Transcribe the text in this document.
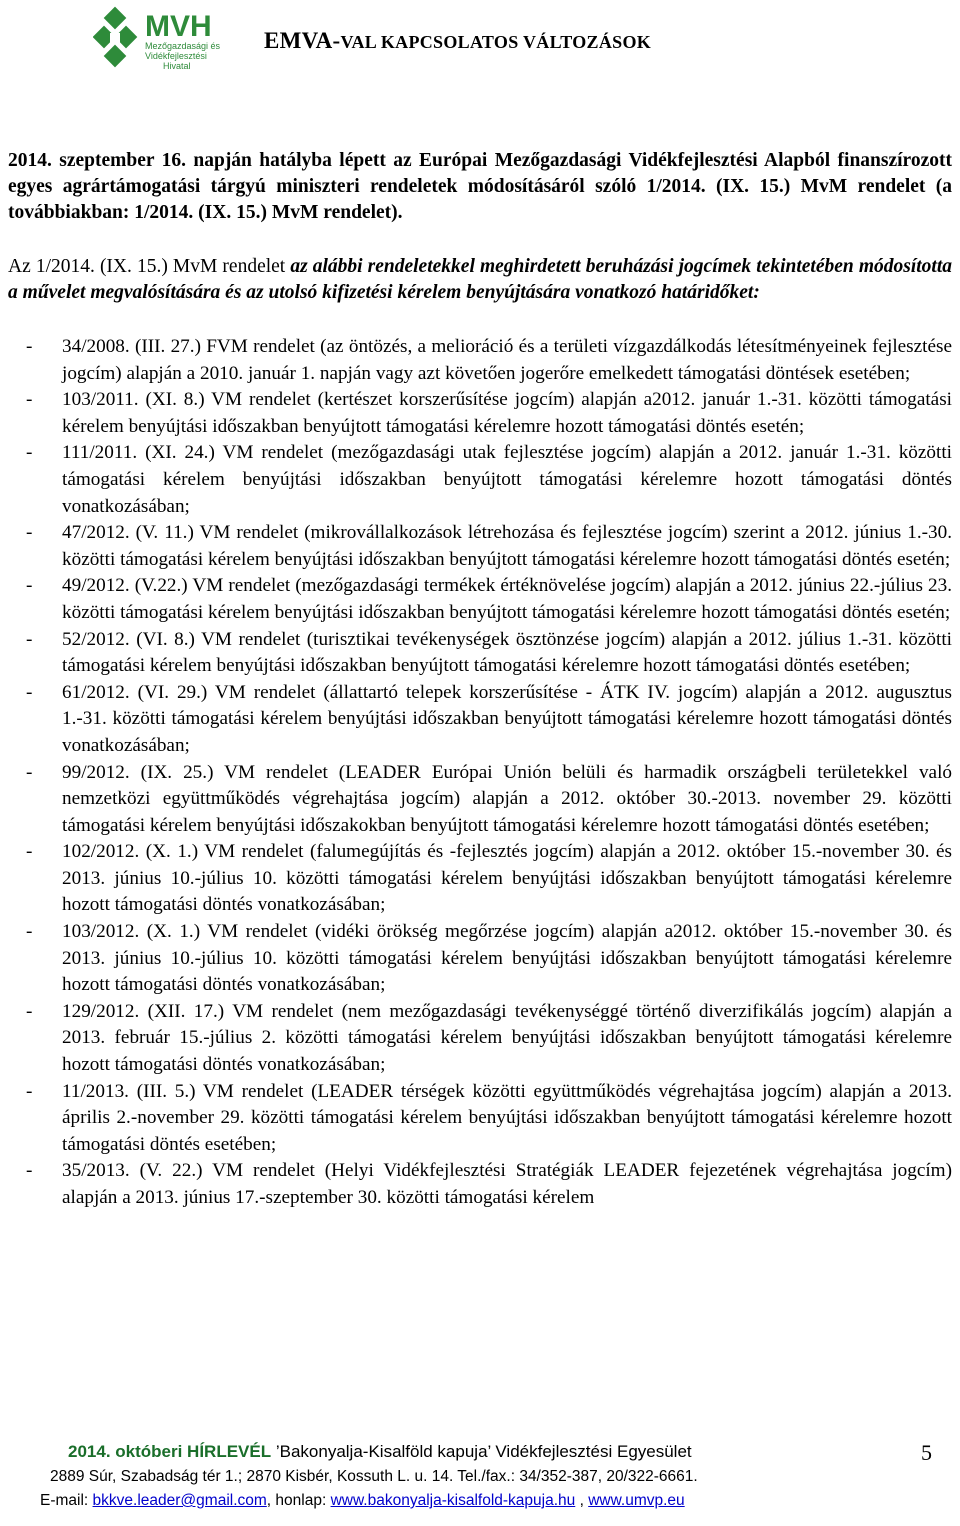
MVH
Mezőgazdasági és
Vidékfejlesztési
Hivatal
EMVA-VAL KAPCSOLATOS VÁLTOZÁSOK
2014. szeptember 16. napján hatályba lépett az Európai Mezőgazdasági Vidékfejlesztési Alapból finanszírozott egyes agrártámogatási tárgyú miniszteri rendeletek módosításáról szóló 1/2014. (IX. 15.) MvM rendelet (a továbbiakban: 1/2014. (IX. 15.) MvM rendelet).
Az 1/2014. (IX. 15.) MvM rendelet az alábbi rendeletekkel meghirdetett beruházási jogcímek tekintetében módosította a művelet megvalósítására és az utolsó kifizetési kérelem benyújtására vonatkozó határidőket:
- 34/2008. (III. 27.) FVM rendelet (az öntözés, a melioráció és a területi vízgazdálkodás létesítményeinek fejlesztése jogcím) alapján a 2010. január 1. napján vagy azt követően jogerőre emelkedett támogatási döntések esetében;
- 103/2011. (XI. 8.) VM rendelet (kertészet korszerűsítése jogcím) alapján a2012. január 1.-31. közötti támogatási kérelem benyújtási időszakban benyújtott támogatási kérelemre hozott támogatási döntés esetén;
- 111/2011. (XI. 24.) VM rendelet (mezőgazdasági utak fejlesztése jogcím) alapján a 2012. január 1.-31. közötti támogatási kérelem benyújtási időszakban benyújtott támogatási kérelemre hozott támogatási döntés vonatkozásában;
- 47/2012. (V. 11.) VM rendelet (mikrovállalkozások létrehozása és fejlesztése jogcím) szerint a 2012. június 1.-30. közötti támogatási kérelem benyújtási időszakban benyújtott támogatási kérelemre hozott támogatási döntés esetén;
- 49/2012. (V.22.) VM rendelet (mezőgazdasági termékek értéknövelése jogcím) alapján a 2012. június 22.-július 23. közötti támogatási kérelem benyújtási időszakban benyújtott támogatási kérelemre hozott támogatási döntés esetén;
- 52/2012. (VI. 8.) VM rendelet (turisztikai tevékenységek ösztönzése jogcím) alapján a 2012. július 1.-31. közötti támogatási kérelem benyújtási időszakban benyújtott támogatási kérelemre hozott támogatási döntés esetében;
- 61/2012. (VI. 29.) VM rendelet (állattartó telepek korszerűsítése - ÁTK IV. jogcím) alapján a 2012. augusztus 1.-31. közötti támogatási kérelem benyújtási időszakban benyújtott támogatási kérelemre hozott támogatási döntés vonatkozásában;
- 99/2012. (IX. 25.) VM rendelet (LEADER Európai Unión belüli és harmadik országbeli területekkel való nemzetközi együttműködés végrehajtása jogcím) alapján a 2012. október 30.-2013. november 29. közötti támogatási kérelem benyújtási időszakokban benyújtott támogatási kérelemre hozott támogatási döntés esetében;
- 102/2012. (X. 1.) VM rendelet (falumegújítás és -fejlesztés jogcím) alapján a 2012. október 15.-november 30. és 2013. június 10.-július 10. közötti támogatási kérelem benyújtási időszakban benyújtott támogatási kérelemre hozott támogatási döntés vonatkozásában;
- 103/2012. (X. 1.) VM rendelet (vidéki örökség megőrzése jogcím) alapján a2012. október 15.-november 30. és 2013. június 10.-július 10. közötti támogatási kérelem benyújtási időszakban benyújtott támogatási kérelemre hozott támogatási döntés vonatkozásában;
- 129/2012. (XII. 17.) VM rendelet (nem mezőgazdasági tevékenységgé történő diverzifikálás jogcím) alapján a 2013. február 15.-július 2. közötti támogatási kérelem benyújtási időszakban benyújtott támogatási kérelemre hozott támogatási döntés vonatkozásában;
- 11/2013. (III. 5.) VM rendelet (LEADER térségek közötti együttműködés végrehajtása jogcím) alapján a 2013. április 2.-november 29. közötti támogatási kérelem benyújtási időszakban benyújtott támogatási kérelemre hozott támogatási döntés esetében;
- 35/2013. (V. 22.) VM rendelet (Helyi Vidékfejlesztési Stratégiák LEADER fejezetének végrehajtása jogcím) alapján a 2013. június 17.-szeptember 30. közötti támogatási kérelem
2014. októberi HÍRLEVÉL ’Bakonyalja-Kisalföld kapuja’ Vidékfejlesztési Egyesület	5
2889 Súr, Szabadság tér 1.; 2870 Kisbér, Kossuth L. u. 14. Tel./fax.: 34/352-387, 20/322-6661.
E-mail: bkkve.leader@gmail.com, honlap: www.bakonyalja-kisalfold-kapuja.hu , www.umvp.eu
